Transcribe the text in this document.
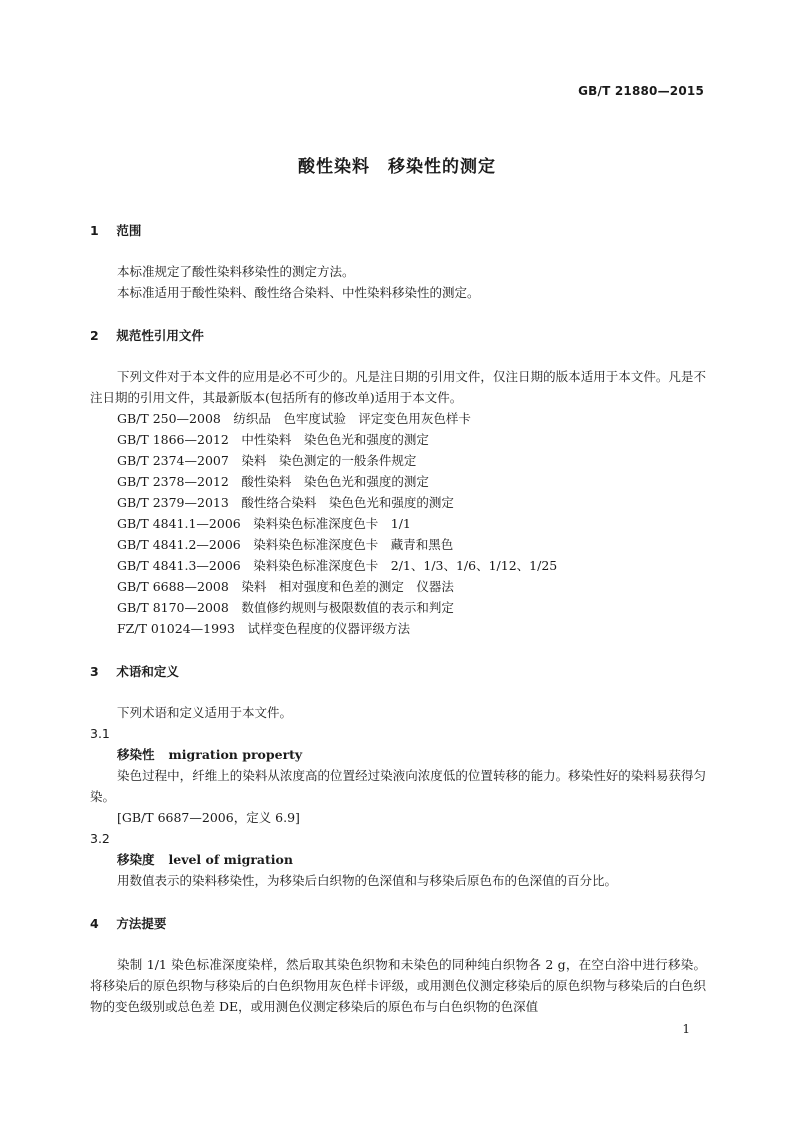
GB/T 21880—2015
酸性染料　移染性的测定
1 范围
本标准规定了酸性染料移染性的测定方法。
本标准适用于酸性染料、酸性络合染料、中性染料移染性的测定。
2 规范性引用文件
下列文件对于本文件的应用是必不可少的。凡是注日期的引用文件，仅注日期的版本适用于本文件。凡是不注日期的引用文件，其最新版本(包括所有的修改单)适用于本文件。
GB/T 250—2008　纺织品　色牢度试验　评定变色用灰色样卡
GB/T 1866—2012　中性染料　染色色光和强度的测定
GB/T 2374—2007　染料　染色测定的一般条件规定
GB/T 2378—2012　酸性染料　染色色光和强度的测定
GB/T 2379—2013　酸性络合染料　染色色光和强度的测定
GB/T 4841.1—2006　染料染色标准深度色卡　1/1
GB/T 4841.2—2006　染料染色标准深度色卡　藏青和黑色
GB/T 4841.3—2006　染料染色标准深度色卡　2/1、1/3、1/6、1/12、1/25
GB/T 6688—2008　染料　相对强度和色差的测定　仪器法
GB/T 8170—2008　数值修约规则与极限数值的表示和判定
FZ/T 01024—1993　试样变色程度的仪器评级方法
3 术语和定义
下列术语和定义适用于本文件。
3.1
移染性 migration property
染色过程中，纤维上的染料从浓度高的位置经过染液向浓度低的位置转移的能力。移染性好的染料易获得匀染。
[GB/T 6687—2006，定义 6.9]
3.2
移染度 level of migration
用数值表示的染料移染性，为移染后白织物的色深值和与移染后原色布的色深值的百分比。
4 方法提要
染制 1/1 染色标准深度染样，然后取其染色织物和未染色的同种纯白织物各 2 g，在空白浴中进行移染。将移染后的原色织物与移染后的白色织物用灰色样卡评级，或用测色仪测定移染后的原色织物与移染后的白色织物的变色级别或总色差 DE，或用测色仪测定移染后的原色布与白色织物的色深值
1
